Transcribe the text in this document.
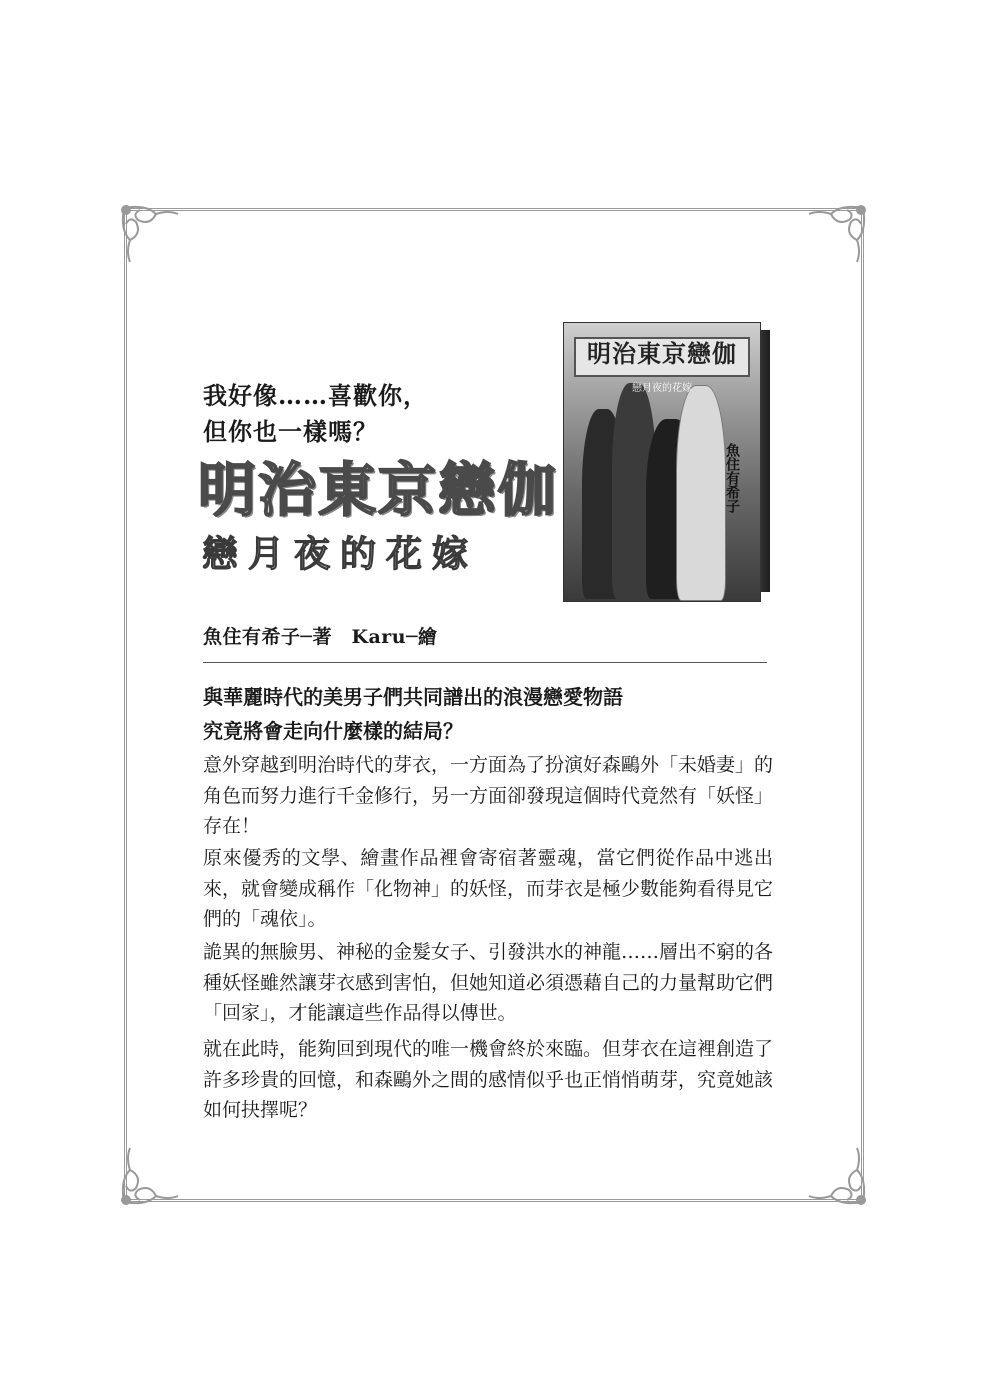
我好像……喜歡你，
但你也一樣嗎？
明治東京戀伽
戀月夜的花嫁
明治東京戀伽
戀月夜的花嫁
魚住有希子
魚住有希子─著　Karu─繪
與華麗時代的美男子們共同譜出的浪漫戀愛物語
究竟將會走向什麼樣的結局？
意外穿越到明治時代的芽衣，一方面為了扮演好森鷗外「未婚妻」的角色而努力進行千金修行，另一方面卻發現這個時代竟然有「妖怪」存在！
原來優秀的文學、繪畫作品裡會寄宿著靈魂，當它們從作品中逃出來，就會變成稱作「化物神」的妖怪，而芽衣是極少數能夠看得見它們的「魂依」。
詭異的無臉男、神秘的金髮女子、引發洪水的神龍……層出不窮的各種妖怪雖然讓芽衣感到害怕，但她知道必須憑藉自己的力量幫助它們「回家」，才能讓這些作品得以傳世。
就在此時，能夠回到現代的唯一機會終於來臨。但芽衣在這裡創造了許多珍貴的回憶，和森鷗外之間的感情似乎也正悄悄萌芽，究竟她該如何抉擇呢？
